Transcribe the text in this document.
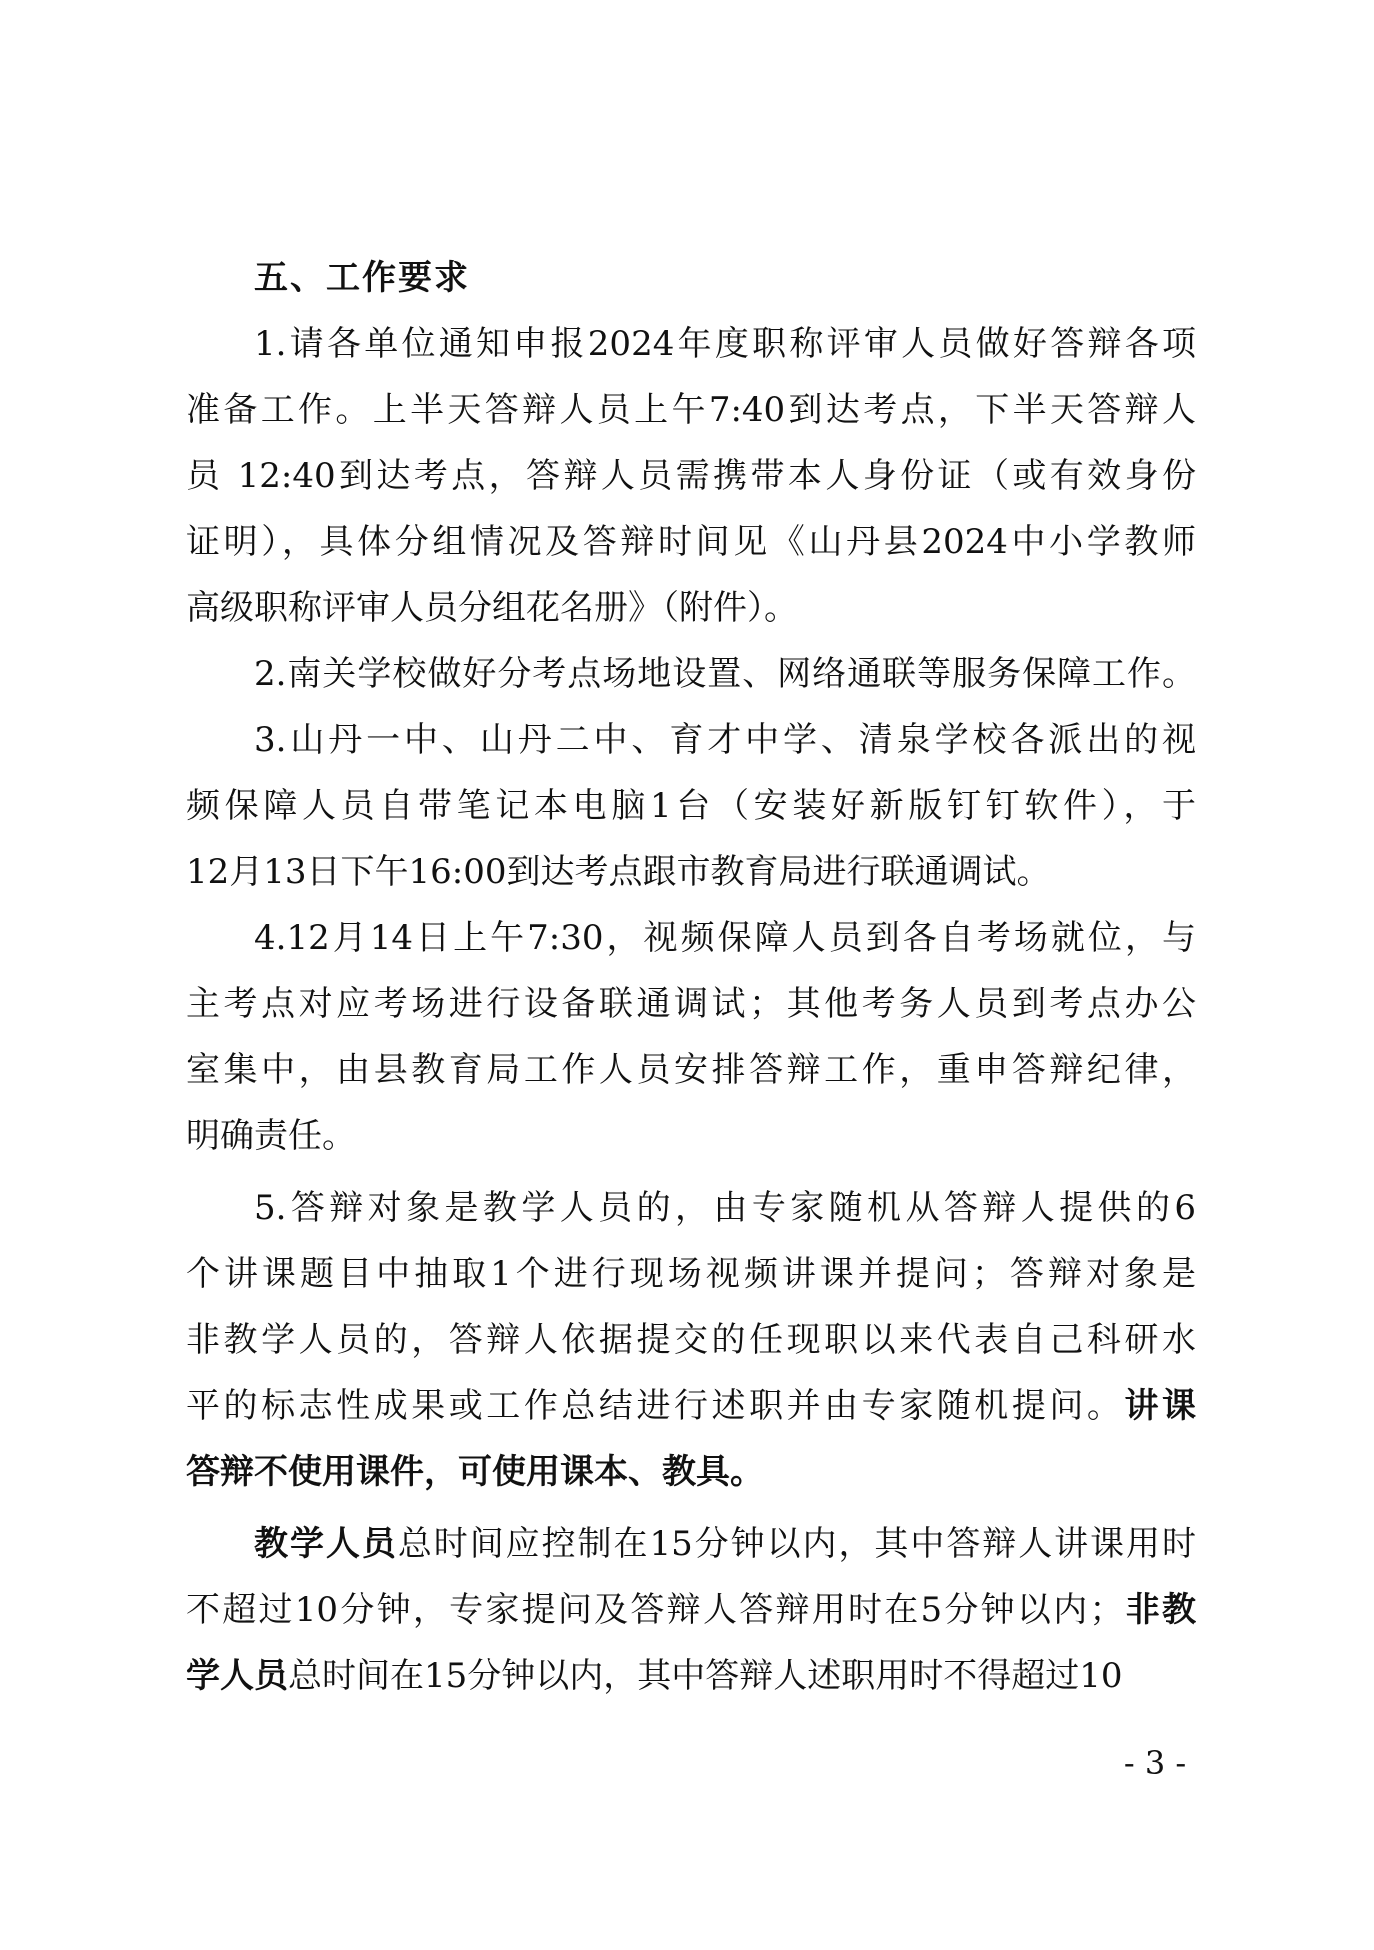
五、工作要求
1.请各单位通知申报2024年度职称评审人员做好答辩各项
准备工作。上半天答辩人员上午7:40到达考点，下半天答辩人
员 12:40到达考点，答辩人员需携带本人身份证（或有效身份
证明），具体分组情况及答辩时间见《山丹县2024中小学教师
高级职称评审人员分组花名册》（附件）。
2.南关学校做好分考点场地设置、网络通联等服务保障工作。
3.山丹一中、山丹二中、育才中学、清泉学校各派出的视
频保障人员自带笔记本电脑1台（安装好新版钉钉软件），于
12月13日下午16:00到达考点跟市教育局进行联通调试。
4.12月14日上午7:30，视频保障人员到各自考场就位，与
主考点对应考场进行设备联通调试；其他考务人员到考点办公
室集中，由县教育局工作人员安排答辩工作，重申答辩纪律，
明确责任。
5.答辩对象是教学人员的，由专家随机从答辩人提供的6
个讲课题目中抽取1个进行现场视频讲课并提问；答辩对象是
非教学人员的，答辩人依据提交的任现职以来代表自己科研水
平的标志性成果或工作总结进行述职并由专家随机提问。讲课
答辩不使用课件，可使用课本、教具。
教学人员总时间应控制在15分钟以内，其中答辩人讲课用时
不超过10分钟，专家提问及答辩人答辩用时在5分钟以内；非教
学人员总时间在15分钟以内，其中答辩人述职用时不得超过10
- 3 -
